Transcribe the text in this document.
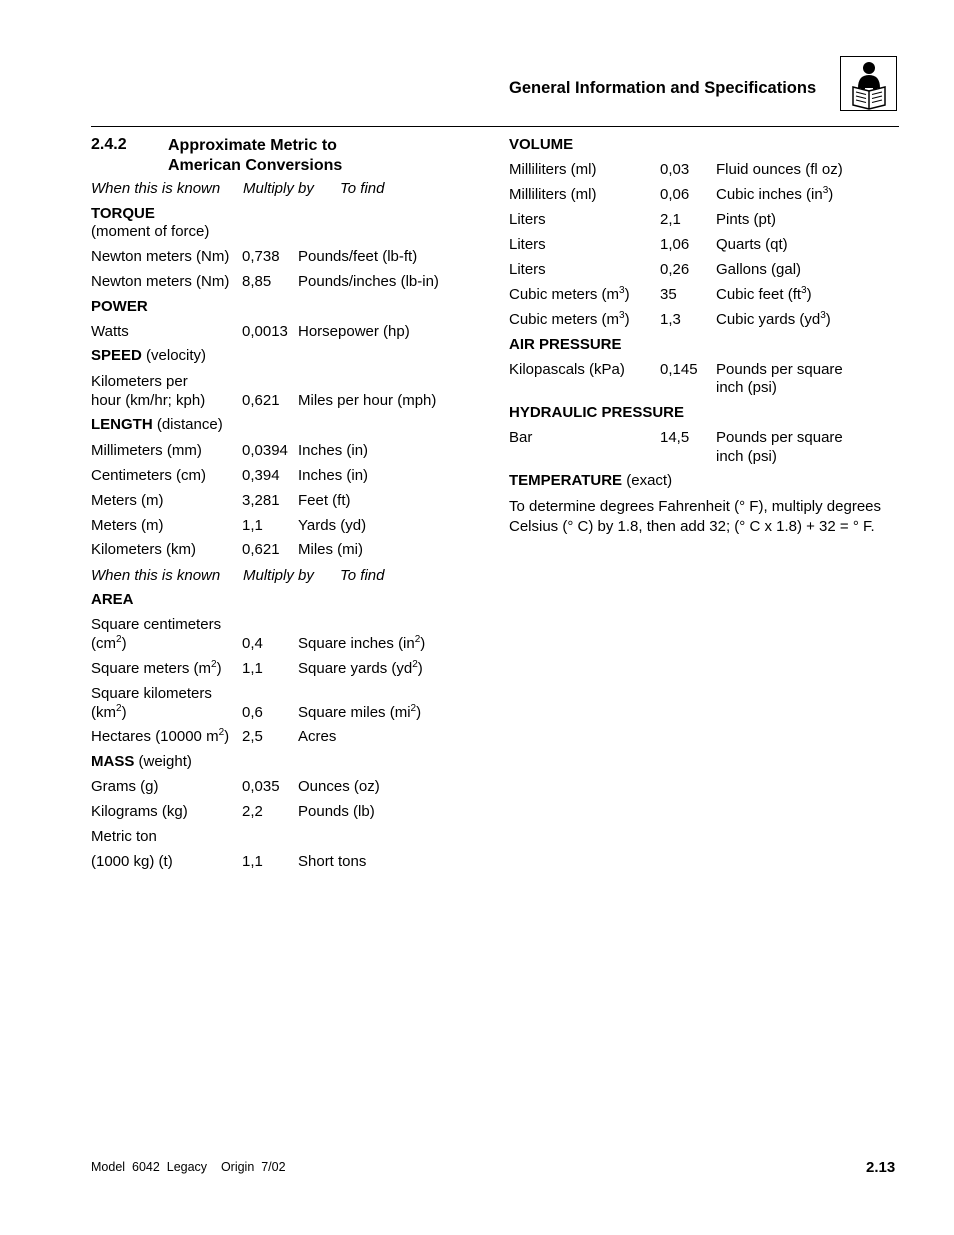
General Information and Specifications
2.4.2	Approximate Metric to
American Conversions
When this is known Multiply by To find
TORQUE
(moment of force)
Newton meters (Nm) 0,738 Pounds/feet (lb-ft)
Newton meters (Nm) 8,85 Pounds/inches (lb-in)
POWER
Watts	0,0013 Horsepower (hp)
SPEED (velocity)
Kilometers per
hour (km/hr; kph) 0,621 Miles per hour (mph)
LENGTH (distance)
Millimeters (mm)	0,0394 Inches (in)
Centimeters (cm) 0,394 Inches (in)
Meters (m)	3,281 Feet (ft)
Meters (m)	1,1 Yards (yd)
Kilometers (km)	0,621 Miles (mi)
When this is known Multiply by To find
AREA
Square centimeters
$(cm^2)$	0,4 Square inches $(in^2)$
Square meters $(m^2)$ 1,1 Square yards $(yd^2)$
Square kilometers
$(km^2)$	0,6 Square miles $(mi^2)$
Hectares (10000 $m^2$) 2,5 Acres
MASS (weight)
Grams (g)	0,035 Ounces (oz)
Kilograms (kg)	2,2 Pounds (lb)
Metric ton
(1000 kg) (t)	1,1 Short tons
VOLUME
Milliliters (ml)	0,03 Fluid ounces (fl oz)
Milliliters (ml)	0,06 Cubic inches $(in^3)$
Liters	2,1 Pints (pt)
Liters	1,06 Quarts (qt)
Liters	0,26 Gallons (gal)
Cubic meters $(m^3)$ 35	Cubic feet $(ft^3)$
Cubic meters $(m^3)$ 1,3 Cubic yards $(yd^3)$
AIR PRESSURE
Kilopascals (kPa) 0,145 Pounds per square
inch (psi)
HYDRAULIC PRESSURE
Bar	14,5 Pounds per square
inch (psi)
TEMPERATURE (exact)
To determine degrees Fahrenheit (° F), multiply degrees Celsius (° C) by 1.8, then add 32; (° C x 1.8) + 32 = ° F.
Model  6042  Legacy    Origin  7/02	2.13
